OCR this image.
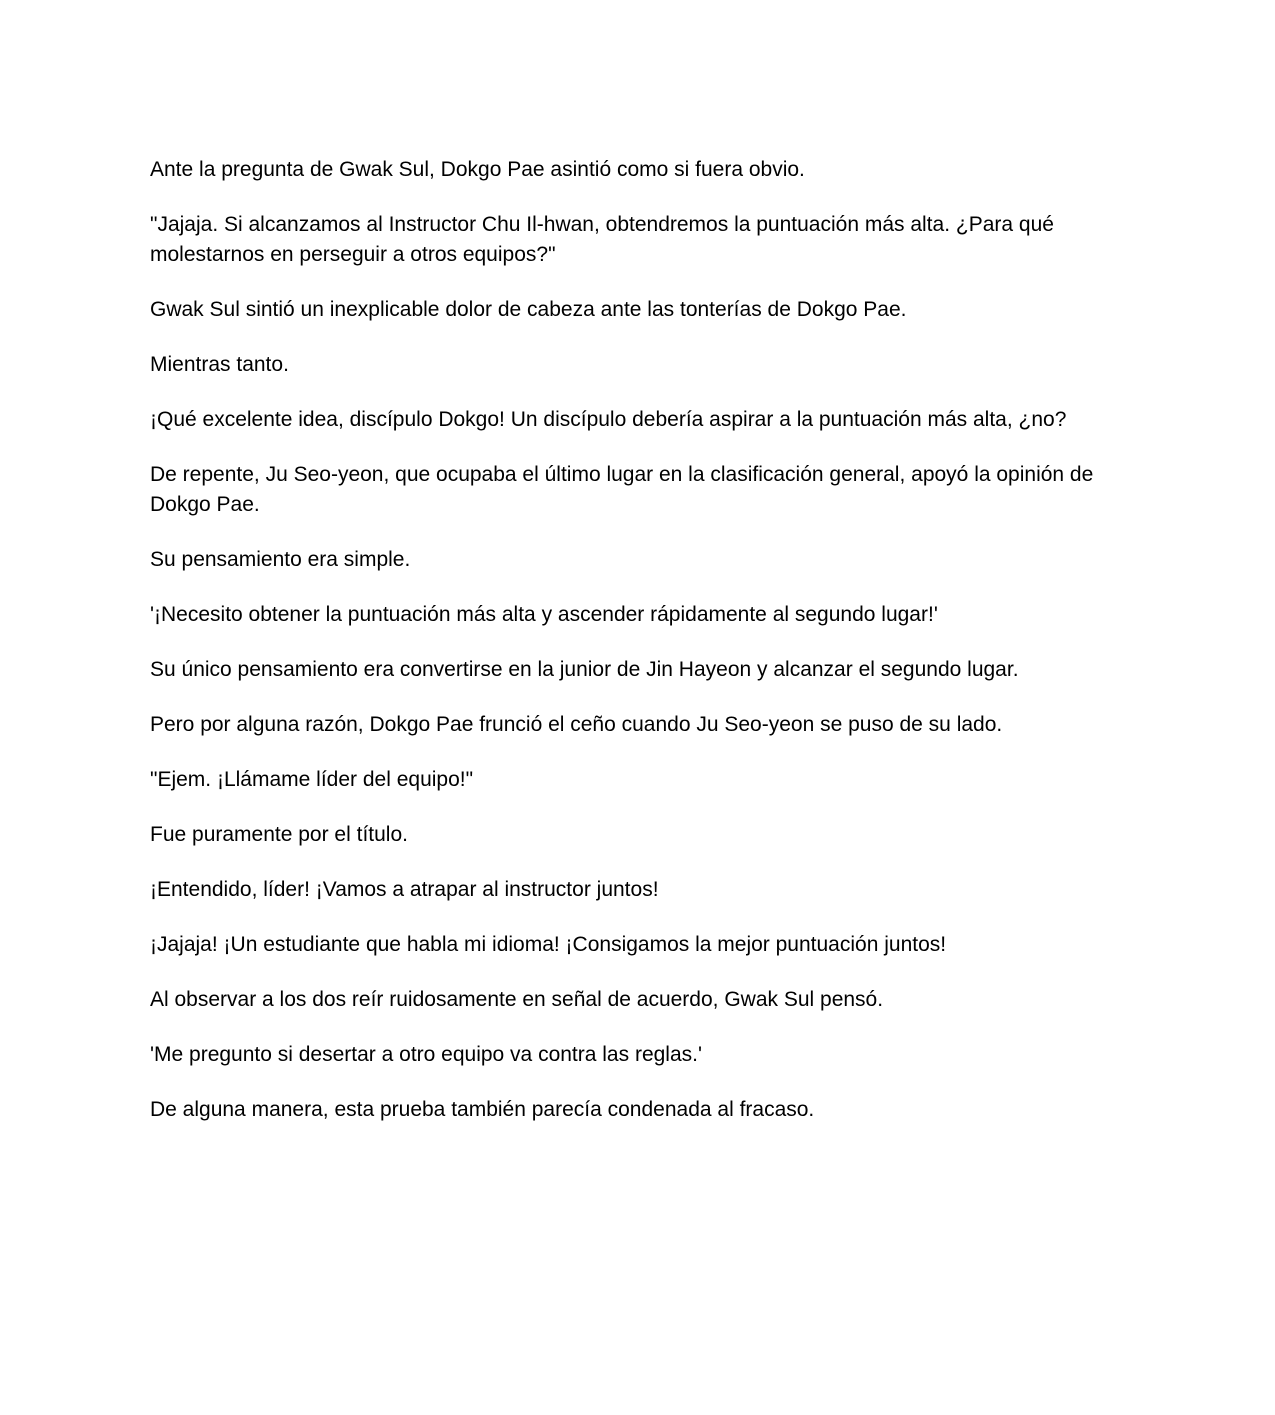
Ante la pregunta de Gwak Sul, Dokgo Pae asintió como si fuera obvio.

"Jajaja. Si alcanzamos al Instructor Chu Il-hwan, obtendremos la puntuación más alta. ¿Para qué molestarnos en perseguir a otros equipos?"

Gwak Sul sintió un inexplicable dolor de cabeza ante las tonterías de Dokgo Pae.

Mientras tanto.

¡Qué excelente idea, discípulo Dokgo! Un discípulo debería aspirar a la puntuación más alta, ¿no?

De repente, Ju Seo-yeon, que ocupaba el último lugar en la clasificación general, apoyó la opinión de Dokgo Pae.

Su pensamiento era simple.

'¡Necesito obtener la puntuación más alta y ascender rápidamente al segundo lugar!'

Su único pensamiento era convertirse en la junior de Jin Hayeon y alcanzar el segundo lugar.

Pero por alguna razón, Dokgo Pae frunció el ceño cuando Ju Seo-yeon se puso de su lado.

"Ejem. ¡Llámame líder del equipo!"

Fue puramente por el título.

¡Entendido, líder! ¡Vamos a atrapar al instructor juntos!

¡Jajaja! ¡Un estudiante que habla mi idioma! ¡Consigamos la mejor puntuación juntos!

Al observar a los dos reír ruidosamente en señal de acuerdo, Gwak Sul pensó.

'Me pregunto si desertar a otro equipo va contra las reglas.'

De alguna manera, esta prueba también parecía condenada al fracaso.
